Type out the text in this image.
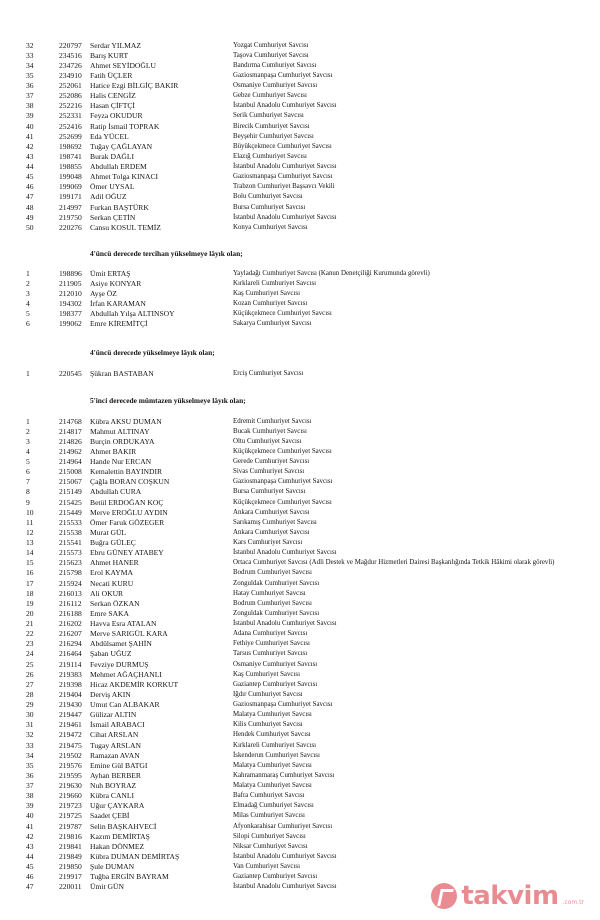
32	220797 Serdar YILMAZ	Yozgat Cumhuriyet Savcısı
33	234516 Barış KURT	Taşova Cumhuriyet Savcısı
34	234726 Ahmet SEYİDOĞLU	Bandırma Cumhuriyet Savcısı
35	234910 Fatih ÜÇLER	Gaziosmanpaşa Cumhuriyet Savcısı
36	252061 Hatice Ezgi BİLGİÇ BAKIR	Osmaniye Cumhuriyet Savcısı
37	252086 Halis CENGİZ	Gebze Cumhuriyet Savcısı
38	252216 Hasan ÇİFTÇİ	İstanbul Anadolu Cumhuriyet Savcısı
39	252331 Feyza OKUDUR	Serik Cumhuriyet Savcısı
40	252416 Ratip İsmail TOPRAK	Birecik Cumhuriyet Savcısı
41	252699 Eda YÜCEL	Beyşehir Cumhuriyet Savcısı
42	198692 Tuğay ÇAĞLAYAN	Büyükçekmece Cumhuriyet Savcısı
43	198741 Burak DAĞLI	Elazığ Cumhuriyet Savcısı
44	198855 Abdullah ERDEM	İstanbul Anadolu Cumhuriyet Savcısı
45	199048 Ahmet Tolga KINACI	Gaziosmanpaşa Cumhuriyet Savcısı
46	199069 Ömer UYSAL	Trabzon Cumhuriyet Başsavcı Vekili
47	199171 Adil OĞUZ	Bolu Cumhuriyet Savcısı
48	214997 Furkan BAŞTÜRK	Bursa Cumhuriyet Savcısı
49	219750 Serkan ÇETİN	İstanbul Anadolu Cumhuriyet Savcısı
50	220276 Cansu KOSUL TEMİZ	Konya Cumhuriyet Savcısı
4'üncü derecede tercihan yükselmeye lâyık olan;
1	198896 Ümit ERTAŞ	Yayladağı Cumhuriyet Savcısı (Kanun Denetçiliği Kurumunda görevli)
2	211905 Asiye KONYAR	Kırklareli Cumhuriyet Savcısı
3	212010 Ayşe ÖZ	Kaş Cumhuriyet Savcısı
4	194302 İrfan KARAMAN	Kozan Cumhuriyet Savcısı
5	198377 Abdullah Yılşa ALTINSOY	Küçükçekmece Cumhuriyet Savcısı
6	199062 Emre KİREMİTÇİ	Sakarya Cumhuriyet Savcısı
4'üncü derecede yükselmeye lâyık olan;
1	220545 Şükran BASTABAN	Erciş Cumhuriyet Savcısı
5'inci derecede mümtazen yükselmeye lâyık olan;
1	214768 Kübra AKSU DUMAN	Edremit Cumhuriyet Savcısı
2	214817 Mahmut ALTINAY	Bucak Cumhuriyet Savcısı
3	214826 Burçin ORDUKAYA	Oltu Cumhuriyet Savcısı
4	214962 Ahmet BAKIR	Küçükçekmece Cumhuriyet Savcısı
5	214964 Hande Nur ERCAN	Gerede Cumhuriyet Savcısı
6	215008 Kemalettin BAYINDIR	Sivas Cumhuriyet Savcısı
7	215067 Çağla BORAN COŞKUN	Gaziosmanpaşa Cumhuriyet Savcısı
8	215149 Abdullah CURA	Bursa Cumhuriyet Savcısı
9	215425 Betül ERDOĞAN KOÇ	Küçükçekmece Cumhuriyet Savcısı
10	215449 Merve EROĞLU AYDIN	Ankara Cumhuriyet Savcısı
11	215533 Ömer Faruk GÖZEGER	Sarıkamış Cumhuriyet Savcısı
12	215538 Murat GÜL	Ankara Cumhuriyet Savcısı
13	215541 Buğra GÜLEÇ	Kars Cumhuriyet Savcısı
14	215573 Ebru GÜNEY ATABEY	İstanbul Anadolu Cumhuriyet Savcısı
15	215623 Ahmet HANER	Ortaca Cumhuriyet Savcısı (Adli Destek ve Mağdur Hizmetleri Dairesi Başkanlığında Tetkik Hâkimi olarak görevli)
16	215798 Erol KAYMA	Bodrum Cumhuriyet Savcısı
17	215924 Necati KURU	Zonguldak Cumhuriyet Savcısı
18	216013 Ali OKUR	Hatay Cumhuriyet Savcısı
19	216112 Serkan ÖZKAN	Bodrum Cumhuriyet Savcısı
20	216188 Emre SAKA	Zonguldak Cumhuriyet Savcısı
21	216202 Havva Esra ATALAN	İstanbul Anadolu Cumhuriyet Savcısı
22	216207 Merve SARIGÜL KARA	Adana Cumhuriyet Savcısı
23	216294 Abdülsamet ŞAHİN	Fethiye Cumhuriyet Savcısı
24	216464 Şaban UĞUZ	Tarsus Cumhuriyet Savcısı
25	219114 Fevziye DURMUŞ	Osmaniye Cumhuriyet Savcısı
26	219383 Mehmet AĞAÇHANLI	Kaş Cumhuriyet Savcısı
27	219398 Hicaz AKDEMİR KORKUT	Gaziantep Cumhuriyet Savcısı
28	219404 Derviş AKIN	Iğdır Cumhuriyet Savcısı
29	219430 Umut Can ALBAKAR	Gaziosmanpaşa Cumhuriyet Savcısı
30	219447 Gülizar ALTIN	Malatya Cumhuriyet Savcısı
31	219461 İsmail ARABACI	Kilis Cumhuriyet Savcısı
32	219472 Cihat ARSLAN	Hendek Cumhuriyet Savcısı
33	219475 Tugay ARSLAN	Kırklareli Cumhuriyet Savcısı
34	219502 Ramazan AVAN	İskenderun Cumhuriyet Savcısı
35	219576 Emine Gül BATGI	Malatya Cumhuriyet Savcısı
36	219595 Ayhan BERBER	Kahramanmaraş Cumhuriyet Savcısı
37	219630 Nuh BOYRAZ	Malatya Cumhuriyet Savcısı
38	219660 Kübra CANLI	Bafra Cumhuriyet Savcısı
39	219723 Uğur ÇAYKARA	Elmadağ Cumhuriyet Savcısı
40	219725 Saadet ÇEBİ	Milas Cumhuriyet Savcısı
41	219787 Selin BAŞKAHVECİ	Afyonkarahisar Cumhuriyet Savcısı
42	219816 Kazım DEMİRTAŞ	Silopi Cumhuriyet Savcısı
43	219841 Hakan DÖNMEZ	Niksar Cumhuriyet Savcısı
44	219849 Kübra DUMAN DEMİRTAŞ	İstanbul Anadolu Cumhuriyet Savcısı
45	219850 Şule DUMAN	Van Cumhuriyet Savcısı
46	219917 Tuğba ERGİN BAYRAM	Gaziantep Cumhuriyet Savcısı
47	220011 Ümit GÜN	İstanbul Anadolu Cumhuriyet Savcısı	takvim .com.tr
